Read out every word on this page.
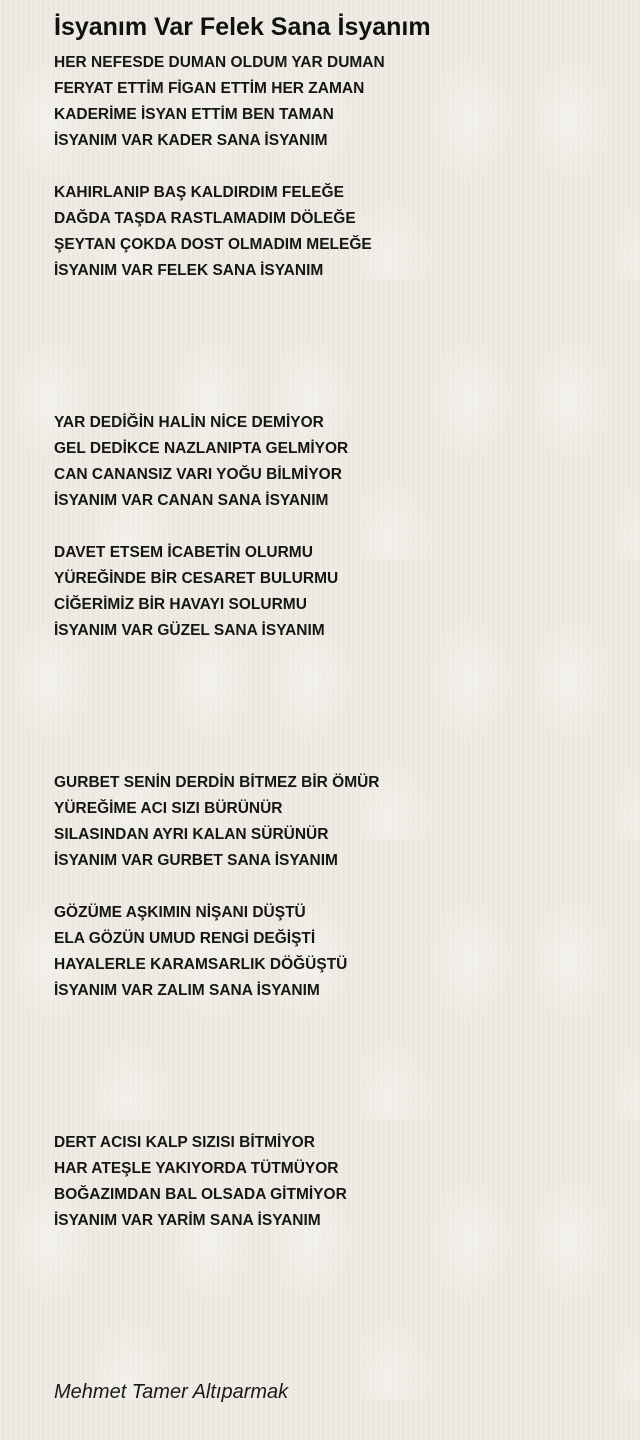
İsyanım Var Felek Sana İsyanım
HER NEFESDE DUMAN OLDUM YAR DUMAN
FERYAT ETTİM FİGAN ETTİM HER ZAMAN
KADERİME İSYAN ETTİM BEN TAMAN
İSYANIM VAR KADER SANA İSYANIM
KAHIRLANIP BAŞ KALDIRDIM FELEĞE
DAĞDA TAŞDA RASTLAMADIM DÖLEĞE
ŞEYTAN ÇOKDA DOST OLMADIM MELEĞE
İSYANIM VAR FELEK SANA İSYANIM
YAR DEDİĞİN HALİN NİCE DEMİYOR
GEL DEDİKCE NAZLANIPTA GELMİYOR
CAN CANANSIZ VARI YOĞU BİLMİYOR
İSYANIM VAR CANAN SANA İSYANIM
DAVET ETSEM İCABETİN OLURMU
YÜREĞİNDE BİR CESARET BULURMU
CİĞERİMİZ BİR HAVAYI SOLURMU
İSYANIM VAR GÜZEL SANA İSYANIM
GURBET SENİN DERDİN BİTMEZ BİR ÖMÜR
YÜREĞİME ACI SIZI BÜRÜNÜR
SILASINDAN AYRI KALAN SÜRÜNÜR
İSYANIM VAR GURBET SANA İSYANIM
GÖZÜME AŞKIMIN NİŞANI DÜŞTÜ
ELA GÖZÜN UMUD RENGİ DEĞİŞTİ
HAYALERLE KARAMSARLIK DÖĞÜŞTÜ
İSYANIM VAR ZALIM SANA İSYANIM
DERT ACISI KALP SIZISI BİTMİYOR
HAR ATEŞLE YAKIYORDA TÜTMÜYOR
BOĞAZIMDAN BAL OLSADA GİTMİYOR
İSYANIM VAR YARİM SANA İSYANIM
Mehmet Tamer Altıparmak
